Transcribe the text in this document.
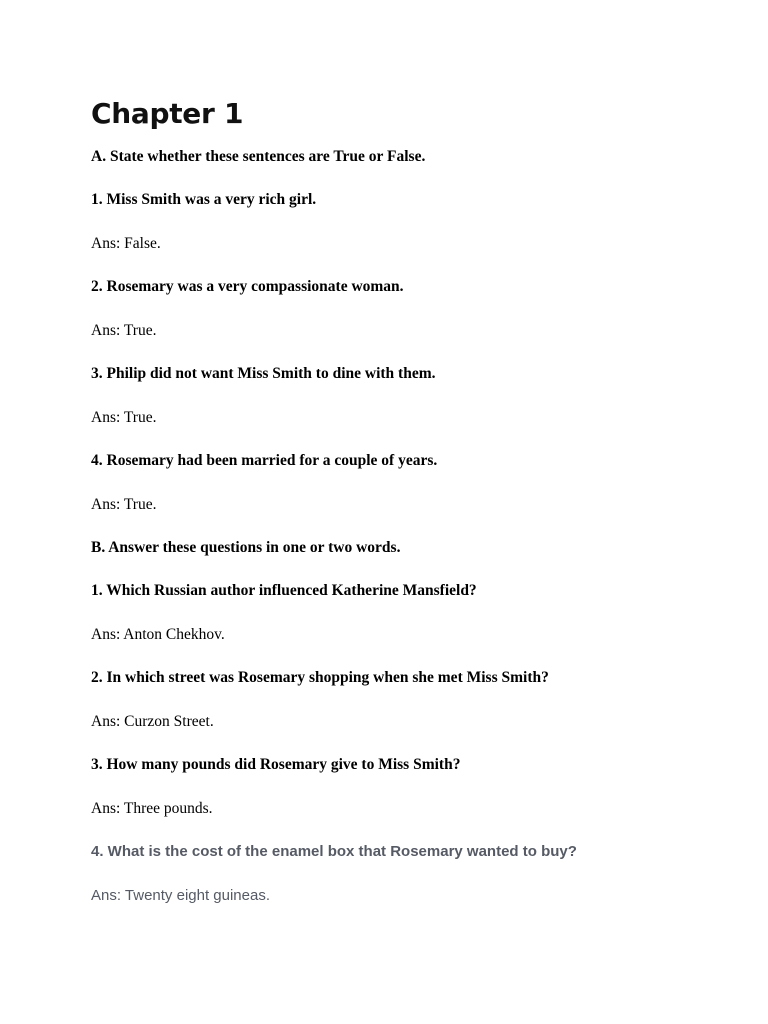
Chapter 1
A. State whether these sentences are True or False.
1. Miss Smith was a very rich girl.
Ans: False.
2. Rosemary was a very compassionate woman.
Ans: True.
3. Philip did not want Miss Smith to dine with them.
Ans: True.
4. Rosemary had been married for a couple of years.
Ans: True.
B. Answer these questions in one or two words.
1. Which Russian author influenced Katherine Mansfield?
Ans: Anton Chekhov.
2. In which street was Rosemary shopping when she met Miss Smith?
Ans: Curzon Street.
3. How many pounds did Rosemary give to Miss Smith?
Ans: Three pounds.
4. What is the cost of the enamel box that Rosemary wanted to buy?
Ans: Twenty eight guineas.
